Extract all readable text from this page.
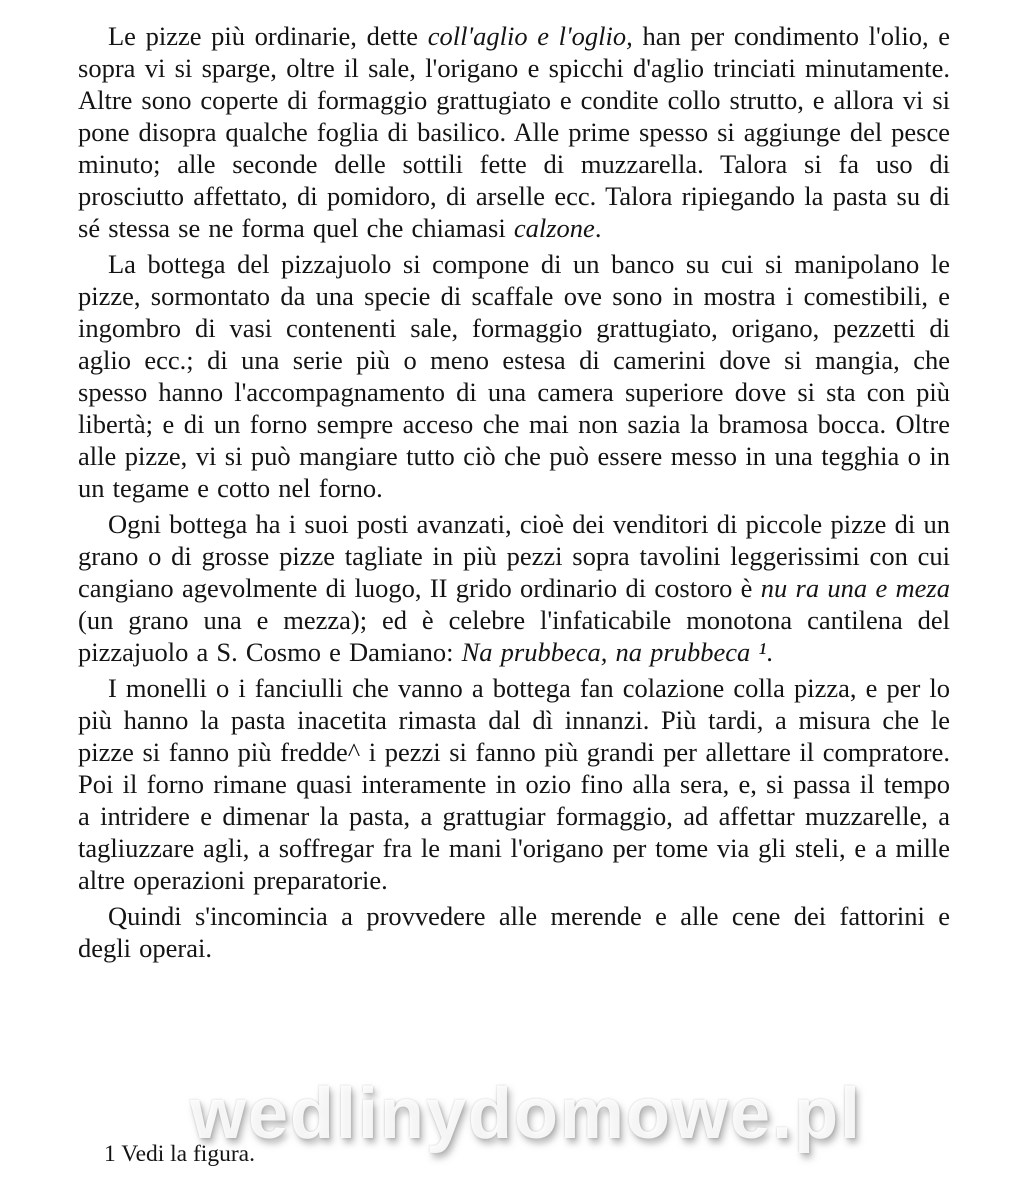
Le pizze più ordinarie, dette coll'aglio e l'oglio, han per condimento l'olio, e sopra vi si sparge, oltre il sale, l'origano e spicchi d'aglio trinciati minutamente. Altre sono coperte di formaggio grattugiato e condite collo strutto, e allora vi si pone disopra qualche foglia di basilico. Alle prime spesso si aggiunge del pesce minuto; alle seconde delle sottili fette di muzzarella. Talora si fa uso di prosciutto affettato, di pomidoro, di arselle ecc. Talora ripiegando la pasta su di sé stessa se ne forma quel che chiamasi calzone.

La bottega del pizzajuolo si compone di un banco su cui si manipolano le pizze, sormontato da una specie di scaffale ove sono in mostra i comestibili, e ingombro di vasi contenenti sale, formaggio grattugiato, origano, pezzetti di aglio ecc.; di una serie più o meno estesa di camerini dove si mangia, che spesso hanno l'accompagnamento di una camera superiore dove si sta con più libertà; e di un forno sempre acceso che mai non sazia la bramosa bocca. Oltre alle pizze, vi si può mangiare tutto ciò che può essere messo in una tegghia o in un tegame e cotto nel forno.

Ogni bottega ha i suoi posti avanzati, cioè dei venditori di piccole pizze di un grano o di grosse pizze tagliate in più pezzi sopra tavolini leggerissimi con cui cangiano agevolmente di luogo, II grido ordinario di costoro è nu ra una e meza (un grano una e mezza); ed è celebre l'infaticabile monotona cantilena del pizzajuolo a S. Cosmo e Damiano: Na prubbeca, na prubbeca ¹.

I monelli o i fanciulli che vanno a bottega fan colazione colla pizza, e per lo più hanno la pasta inacetita rimasta dal dì innanzi. Più tardi, a misura che le pizze si fanno più fredde^ i pezzi si fanno più grandi per allettare il compratore. Poi il forno rimane quasi interamente in ozio fino alla sera, e, si passa il tempo a intridere e dimenar la pasta, a grattugiar formaggio, ad affettar muzzarelle, a tagliuzzare agli, a soffregar fra le mani l'origano per tome via gli steli, e a mille altre operazioni preparatorie.

Quindi s'incomincia a provvedere alle merende e alle cene dei fattorini e degli operai.

wedlinydomowe.pl
1 Vedi la figura.
